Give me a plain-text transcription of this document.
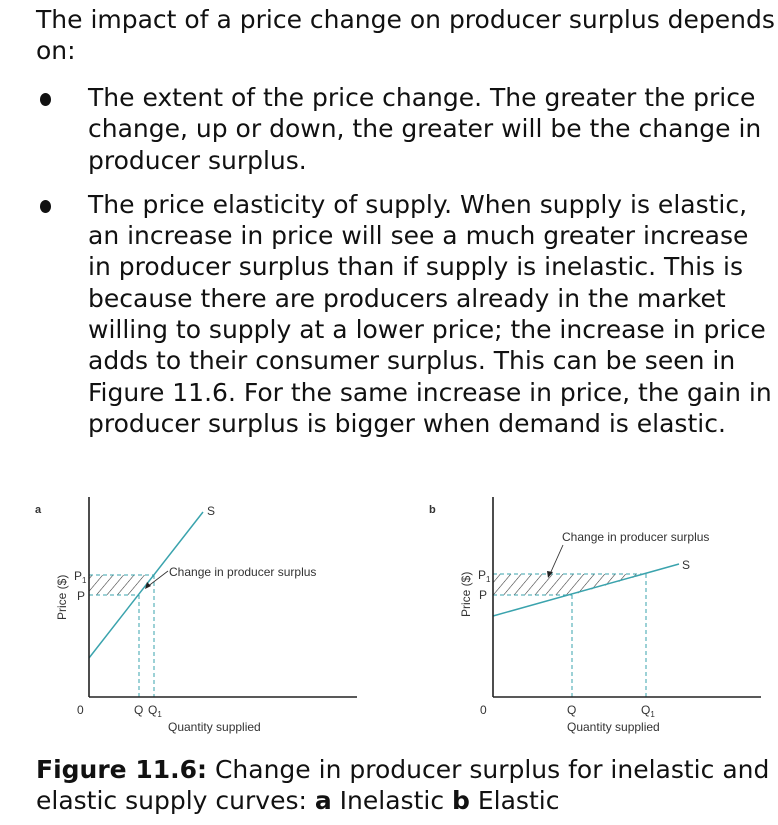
The impact of a price change on producer surplus depends on:

The extent of the price change. The greater the price change, up or down, the greater will be the change in producer surplus.
The price elasticity of supply. When supply is elastic, an increase in price will see a much greater increase in producer surplus than if supply is inelastic. This is because there are producers already in the market willing to supply at a lower price; the increase in price adds to their consumer surplus. This can be seen in Figure 11.6. For the same increase in price, the gain in producer surplus is bigger when demand is elastic.
a	S
Change in producer surplus
Price ($) $P_1$
P
0	Q $Q_1$
Quantity supplied
b
S
Change in producer surplus
Price ($) $P_1$
P
0	Q	$Q_1$
Quantity supplied

Figure 11.6: Change in producer surplus for inelastic and elastic supply curves: a Inelastic b Elastic
